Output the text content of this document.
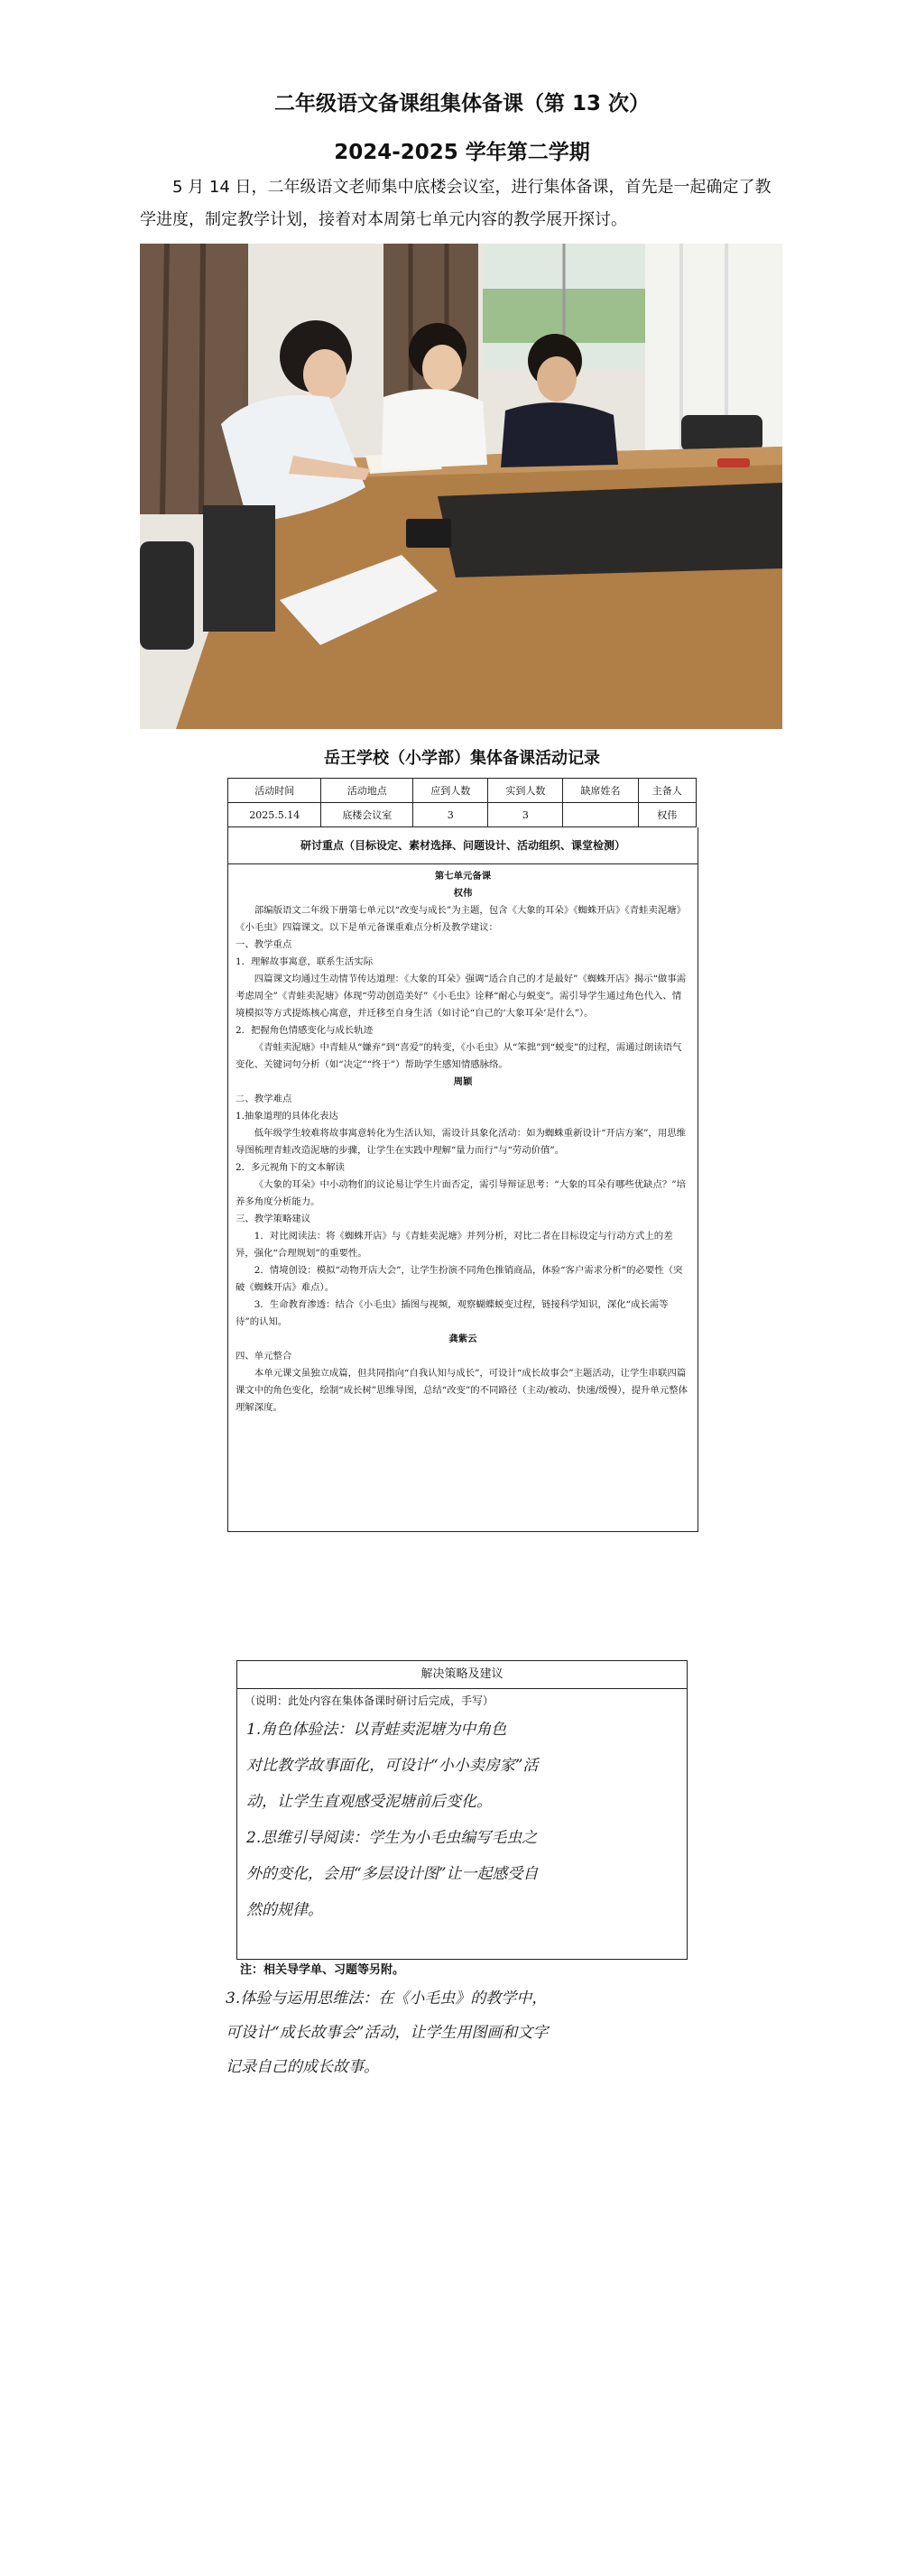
二年级语文备课组集体备课（第 13 次）
2024-2025 学年第二学期
5 月 14 日，二年级语文老师集中底楼会议室，进行集体备课，首先是一起确定了教学进度，制定教学计划，接着对本周第七单元内容的教学展开探讨。
岳王学校（小学部）集体备课活动记录
活动时间	活动地点	应到人数	实到人数	缺席姓名	主备人
2025.5.14	底楼会议室	3	3		权伟
研讨重点（目标设定、素材选择、问题设计、活动组织、课堂检测）
第七单元备课
权伟
部编版语文二年级下册第七单元以“改变与成长”为主题，包含《大象的耳朵》《蜘蛛开店》《青蛙卖泥塘》《小毛虫》四篇课文。以下是单元备课重难点分析及教学建议：
一、教学重点
1．理解故事寓意，联系生活实际
四篇课文均通过生动情节传达道理：《大象的耳朵》强调“适合自己的才是最好”《蜘蛛开店》揭示“做事需考虑周全”《青蛙卖泥塘》体现“劳动创造美好”《小毛虫》诠释“耐心与蜕变”。需引导学生通过角色代入、情境模拟等方式提炼核心寓意，并迁移至自身生活（如讨论“自己的‘大象耳朵’是什么”）。
2．把握角色情感变化与成长轨迹
《青蛙卖泥塘》中青蛙从“嫌弃”到“喜爱”的转变，《小毛虫》从“笨拙”到“蜕变”的过程，需通过朗读语气变化、关键词句分析（如“决定”“终于”）帮助学生感知情感脉络。
周颖
二、教学难点
1.抽象道理的具体化表达
低年级学生较难将故事寓意转化为生活认知，需设计具象化活动：如为蜘蛛重新设计“开店方案”，用思维导图梳理青蛙改造泥塘的步骤，让学生在实践中理解“量力而行”与“劳动价值”。
2．多元视角下的文本解读
《大象的耳朵》中小动物们的议论易让学生片面否定，需引导辩证思考：“大象的耳朵有哪些优缺点？”培养多角度分析能力。
三、教学策略建议
1．对比阅读法：将《蜘蛛开店》与《青蛙卖泥塘》并列分析，对比二者在目标设定与行动方式上的差异，强化“合理规划”的重要性。
2．情境创设：模拟“动物开店大会”，让学生扮演不同角色推销商品，体验“客户需求分析”的必要性（突破《蜘蛛开店》难点）。
3．生命教育渗透：结合《小毛虫》插图与视频，观察蝴蝶蜕变过程，链接科学知识，深化“成长需等待”的认知。
龚紫云
四、单元整合
本单元课文虽独立成篇，但共同指向“自我认知与成长”，可设计“成长故事会”主题活动，让学生串联四篇课文中的角色变化，绘制“成长树”思维导图，总结“改变”的不同路径（主动/被动、快速/缓慢），提升单元整体理解深度。
解决策略及建议
（说明：此处内容在集体备课时研讨后完成，手写）
1.角色体验法：以青蛙卖泥塘为中角色
对比教学故事面化，可设计“小小卖房家”活
动，让学生直观感受泥塘前后变化。
2.思维引导阅读：学生为小毛虫编写毛虫之
外的变化，会用“多层设计图”让一起感受自
然的规律。
注：相关导学单、习题等另附。
3.体验与运用思维法：在《小毛虫》的教学中，
可设计“成长故事会”活动，让学生用图画和文字
记录自己的成长故事。
